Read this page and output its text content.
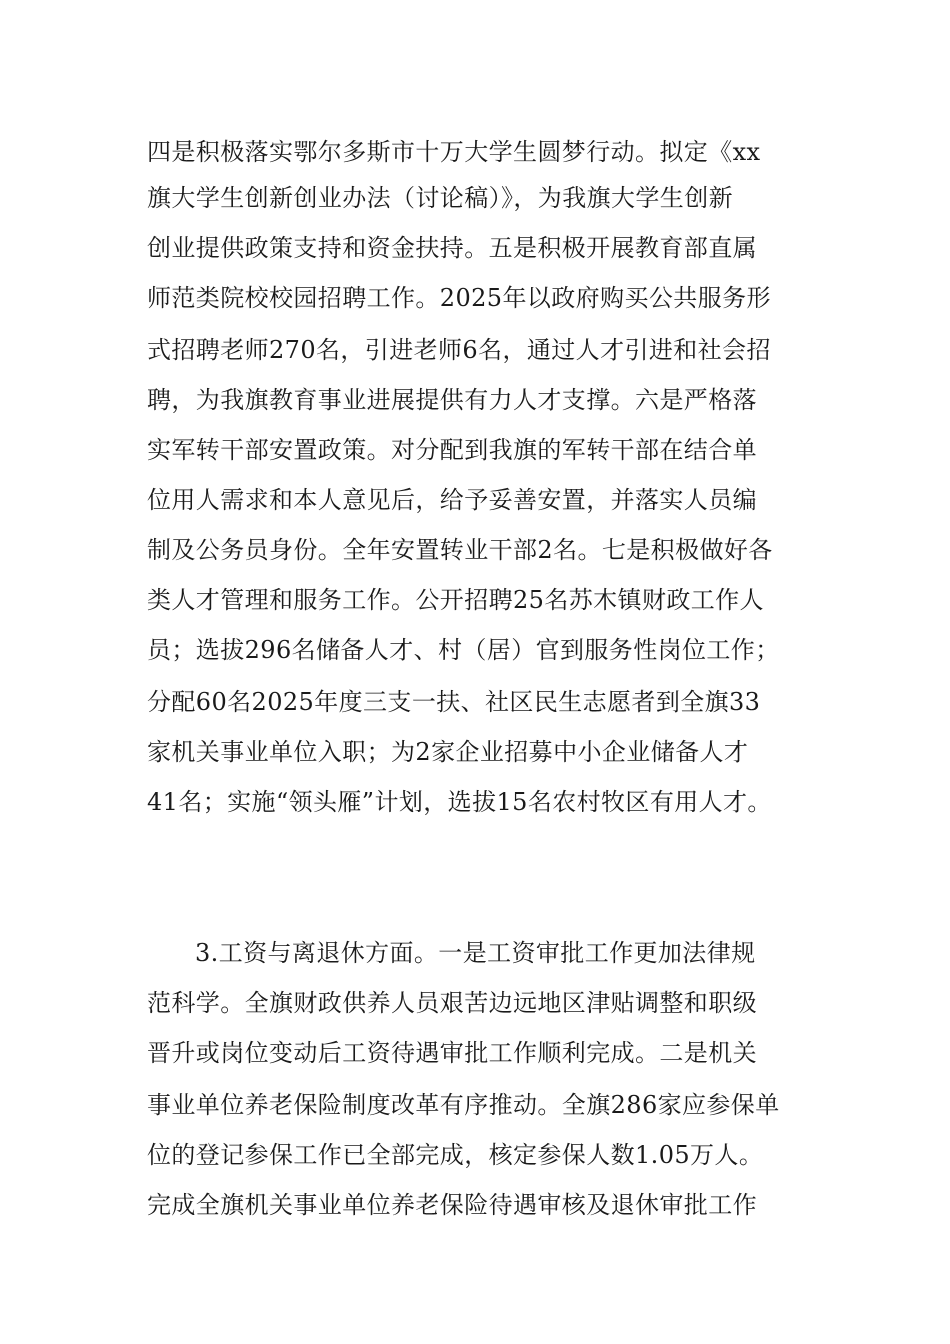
四是积极落实鄂尔多斯市十万大学生圆梦行动。拟定《xx
旗大学生创新创业办法（讨论稿）》，为我旗大学生创新
创业提供政策支持和资金扶持。五是积极开展教育部直属
师范类院校校园招聘工作。2025年以政府购买公共服务形
式招聘老师270名，引进老师6名，通过人才引进和社会招
聘，为我旗教育事业进展提供有力人才支撑。六是严格落
实军转干部安置政策。对分配到我旗的军转干部在结合单
位用人需求和本人意见后，给予妥善安置，并落实人员编
制及公务员身份。全年安置转业干部2名。七是积极做好各
类人才管理和服务工作。公开招聘25名苏木镇财政工作人
员；选拔296名储备人才、村（居）官到服务性岗位工作；
分配60名2025年度三支一扶、社区民生志愿者到全旗33
家机关事业单位入职；为2家企业招募中小企业储备人才
41名；实施“领头雁”计划，选拔15名农村牧区有用人才。
3.工资与离退休方面。一是工资审批工作更加法律规
范科学。全旗财政供养人员艰苦边远地区津贴调整和职级
晋升或岗位变动后工资待遇审批工作顺利完成。二是机关
事业单位养老保险制度改革有序推动。全旗286家应参保单
位的登记参保工作已全部完成，核定参保人数1.05万人。
完成全旗机关事业单位养老保险待遇审核及退休审批工作
